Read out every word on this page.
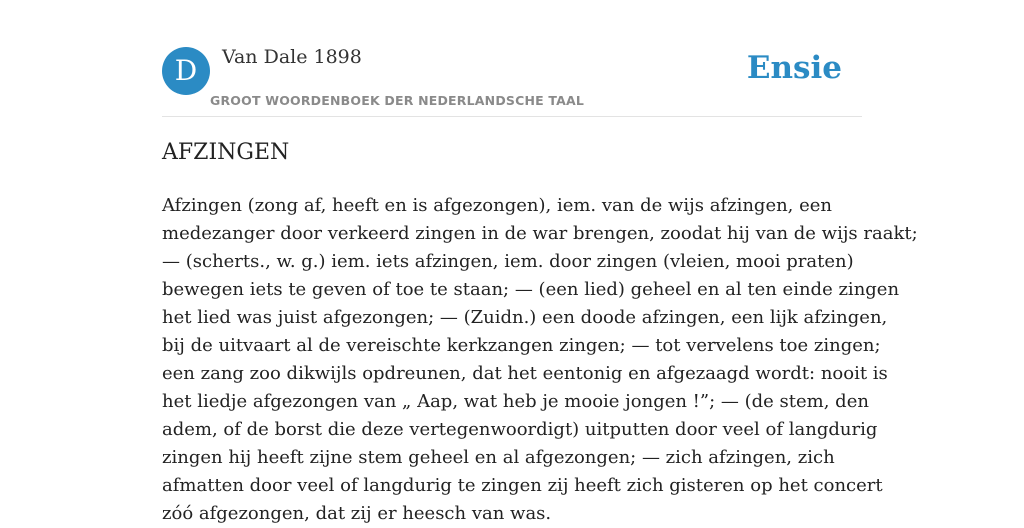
D	Van Dale 1898
GROOT WOORDENBOEK DER NEDERLANDSCHE TAAL
Ensie
AFZINGEN

Afzingen (zong af, heeft en is afgezongen), iem. van de wijs afzingen, een
medezanger door verkeerd zingen in de war brengen, zoodat hij van de wijs raakt;
— (scherts., w. g.) iem. iets afzingen, iem. door zingen (vleien, mooi praten)
bewegen iets te geven of toe te staan; — (een lied) geheel en al ten einde zingen
het lied was juist afgezongen; — (Zuidn.) een doode afzingen, een lijk afzingen,
bij de uitvaart al de vereischte kerkzangen zingen; — tot vervelens toe zingen;
een zang zoo dikwijls opdreunen, dat het eentonig en afgezaagd wordt: nooit is
het liedje afgezongen van „ Aap, wat heb je mooie jongen !”; — (de stem, den
adem, of de borst die deze vertegenwoordigt) uitputten door veel of langdurig
zingen hij heeft zijne stem geheel en al afgezongen; — zich afzingen, zich
afmatten door veel of langdurig te zingen zij heeft zich gisteren op het concert
zóó afgezongen, dat zij er heesch van was.
